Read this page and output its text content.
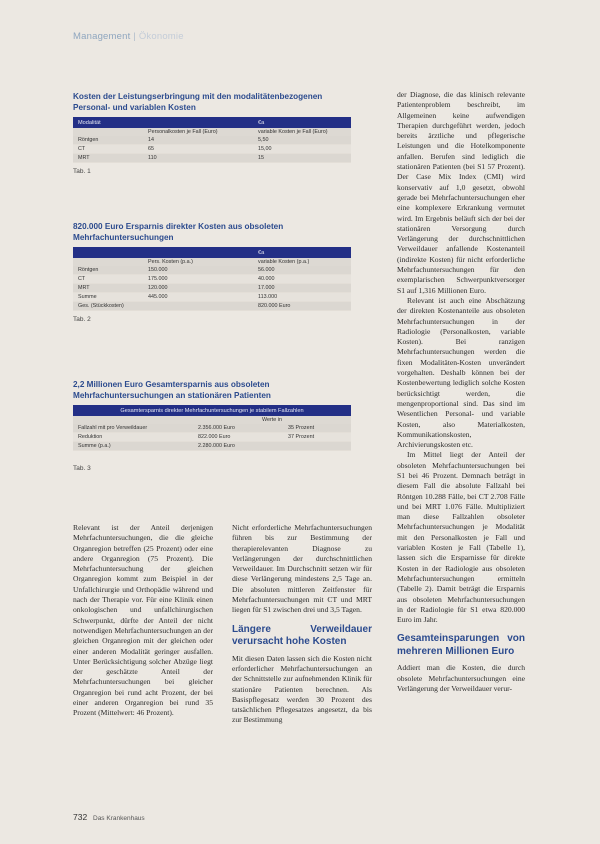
Management | Ökonomie

Kosten der Leistungserbringung mit den modalitätenbezogenen Personal- und variablen Kosten

Modalität		€a
	Personalkosten je Fall (Euro)	variable Kosten je Fall (Euro)
Röntgen	14	5,50
CT	65	15,00
MRT	110	15

Tab. 1

820.000 Euro Ersparnis direkter Kosten aus obsoleten Mehrfachuntersuchungen

		€a
	Pers. Kosten (p.a.)	variable Kosten (p.a.)
Röntgen	150.000	56.000
CT	175.000	40.000
MRT	120.000	17.000
Summe	445.000	113.000
Ges. (Stückkosten)		820.000 Euro

Tab. 2

2,2 Millionen Euro Gesamtersparnis aus obsoleten Mehrfachuntersuchungen an stationären Patienten

Gesamtersparnis direkter Mehrfachuntersuchungen je stabilem Fallzahlen		
	Werte in	
Fallzahl mit pro Verweildauer	2.356.000 Euro	35 Prozent
Reduktion	822.000 Euro	37 Prozent
Summe (p.a.)	2.280.000 Euro	

Tab. 3

Relevant ist der Anteil derjenigen Mehrfachuntersuchungen, die die gleiche Organregion betreffen (25 Prozent) oder eine andere Organregion (75 Prozent). Die Mehrfachuntersuchung der gleichen Organregion kommt zum Beispiel in der Unfallchirurgie und Orthopädie während und nach der Therapie vor. Für eine Klinik einen onkologischen und unfallchirurgischen Schwerpunkt, dürfte der Anteil der nicht notwendigen Mehrfachuntersuchungen an der gleichen Organregion mit der gleichen oder einer anderen Modalität geringer ausfallen. Unter Berücksichtigung solcher Abzüge liegt der geschätzte Anteil der Mehrfachuntersuchungen bei gleicher Organregion bei rund acht Prozent, der bei einer anderen Organregion bei rund 35 Prozent (Mittelwert: 46 Prozent).

Nicht erforderliche Mehrfachuntersuchungen führen bis zur Bestimmung der therapierelevanten Diagnose zu Verlängerungen der durchschnittlichen Verweildauer. Im Durchschnitt setzen wir für diese Verlängerung mindestens 2,5 Tage an. Die absoluten mittleren Zeitfenster für Mehrfachuntersuchungen mit CT und MRT liegen für S1 zwischen drei und 3,5 Tagen.

Längere Verweildauer verursacht hohe Kosten

Mit diesen Daten lassen sich die Kosten nicht erforderlicher Mehrfachuntersuchungen an der Schnittstelle zur aufnehmenden Klinik für stationäre Patienten berechnen. Als Basispflegesatz werden 30 Prozent des tatsächlichen Pflegesatzes angesetzt, da bis zur Bestimmung

der Diagnose, die das klinisch relevante Patientenproblem beschreibt, im Allgemeinen keine aufwendigen Therapien durchgeführt werden, jedoch bereits ärztliche und pflegerische Leistungen und die Hotelkomponente anfallen. Berufen sind lediglich die stationären Patienten (bei S1 57 Prozent). Der Case Mix Index (CMI) wird konservativ auf 1,0 gesetzt, obwohl gerade bei Mehrfachuntersuchungen eher eine komplexere Erkrankung vermutet wird. Im Ergebnis beläuft sich der bei der stationären Versorgung durch Verlängerung der durchschnittlichen Verweildauer anfallende Kostenanteil (indirekte Kosten) für nicht erforderliche Mehrfachuntersuchungen für den exemplarischen Schwerpunktversorger S1 auf 1,316 Millionen Euro.

Relevant ist auch eine Abschätzung der direkten Kostenanteile aus obsoleten Mehrfachuntersuchungen in der Radiologie (Personalkosten, variable Kosten). Bei ranzigen Mehrfachuntersuchungen werden die fixen Modalitäten-Kosten unverändert vorgehalten. Deshalb können bei der Kostenbewertung lediglich solche Kosten berücksichtigt werden, die mengenproportional sind. Das sind im Wesentlichen Personal- und variable Kosten, also Materialkosten, Kommunikationskosten, Archivierungskosten etc.

Im Mittel liegt der Anteil der obsoleten Mehrfachuntersuchungen bei S1 bei 46 Prozent. Demnach beträgt in diesem Fall die absolute Fallzahl bei Röntgen 10.288 Fälle, bei CT 2.708 Fälle und bei MRT 1.076 Fälle. Multipliziert man diese Fallzahlen obsoleter Mehrfachuntersuchungen je Modalität mit den Personalkosten je Fall und variablen Kosten je Fall (Tabelle 1), lassen sich die Ersparnisse für direkte Kosten in der Radiologie aus obsoleten Mehrfachuntersuchungen ermitteln (Tabelle 2). Damit beträgt die Ersparnis aus obsoleten Mehrfachuntersuchungen in der Radiologie für S1 etwa 820.000 Euro im Jahr.

Gesamteinsparungen von mehreren Millionen Euro

Addiert man die Kosten, die durch obsolete Mehrfachuntersuchungen eine Verlängerung der Verweildauer verur-

732 Das Krankenhaus
